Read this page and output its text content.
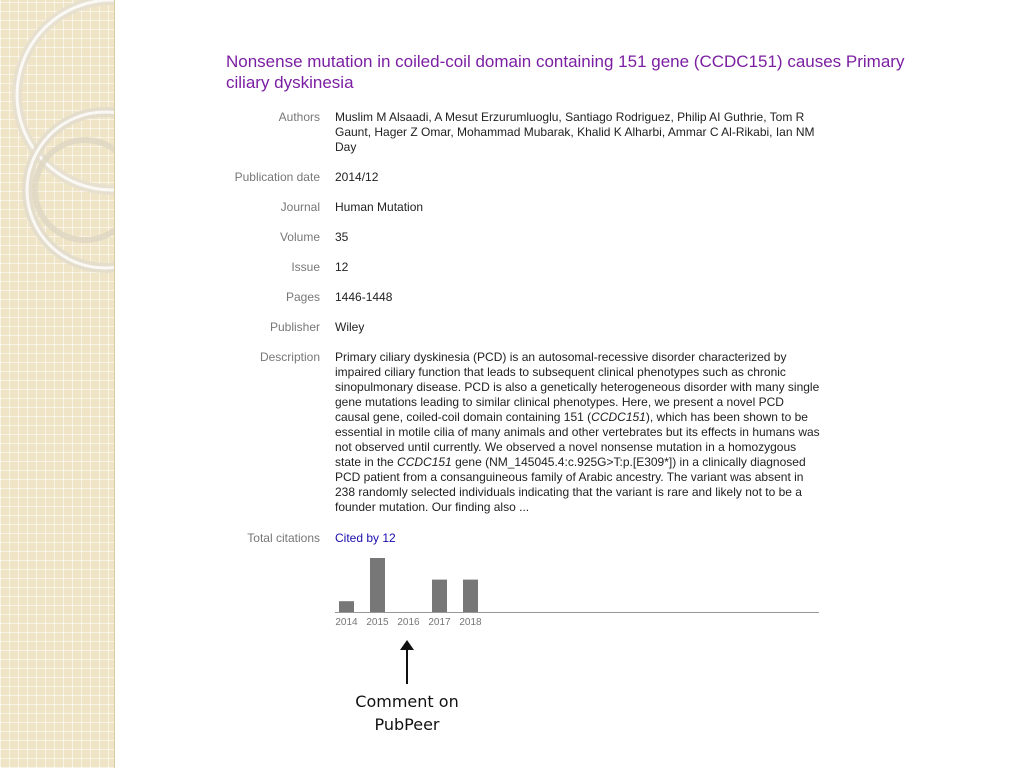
Nonsense mutation in coiled-coil domain containing 151 gene (CCDC151) causes Primary ciliary dyskinesia
Authors Muslim M Alsaadi, A Mesut Erzurumluoglu, Santiago Rodriguez, Philip AI Guthrie, Tom R Gaunt, Hager Z Omar, Mohammad Mubarak, Khalid K Alharbi, Ammar C Al-Rikabi, Ian NM Day
Publication date 2014/12
Journal Human Mutation
Volume 35
Issue 12
Pages 1446-1448
Publisher Wiley
Description Primary ciliary dyskinesia (PCD) is an autosomal-recessive disorder characterized by impaired ciliary function that leads to subsequent clinical phenotypes such as chronic sinopulmonary disease. PCD is also a genetically heterogeneous disorder with many single gene mutations leading to similar clinical phenotypes. Here, we present a novel PCD causal gene, coiled-coil domain containing 151 (CCDC151), which has been shown to be essential in motile cilia of many animals and other vertebrates but its effects in humans was not observed until currently. We observed a novel nonsense mutation in a homozygous state in the CCDC151 gene (NM_145045.4:c.925G>T:p.[E309*]) in a clinically diagnosed PCD patient from a consanguineous family of Arabic ancestry. The variant was absent in 238 randomly selected individuals indicating that the variant is rare and likely not to be a founder mutation. Our finding also ...
Total citations Cited by 12
2014 2015 2016 2017 2018
Comment on
PubPeer
